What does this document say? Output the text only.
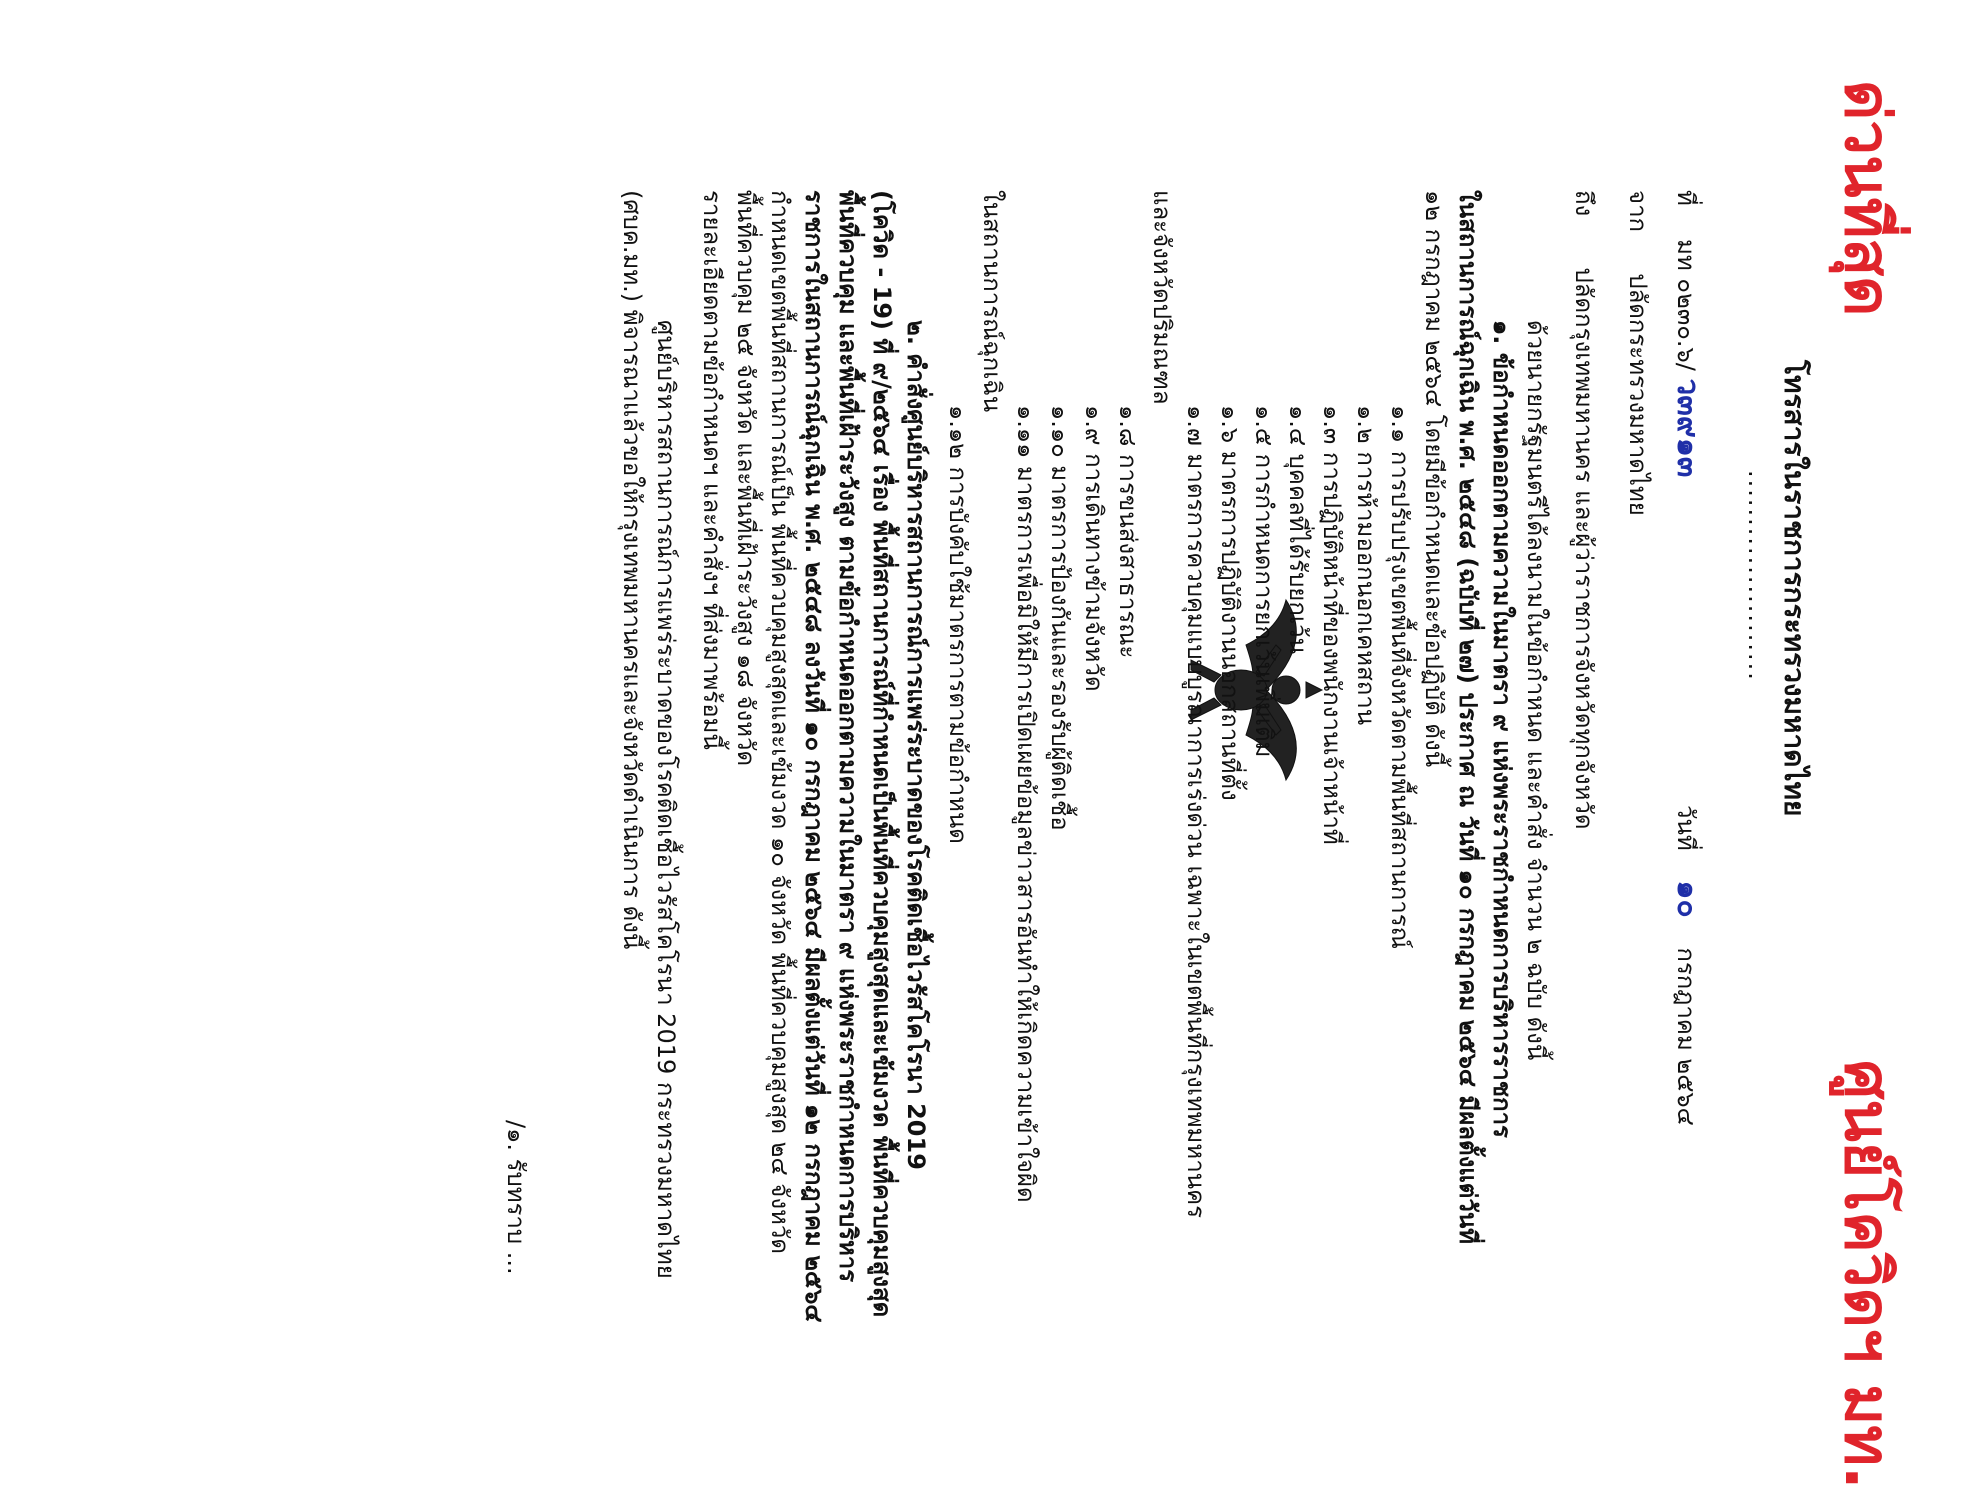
ด่วนที่สุด
ศูนย์โควิดฯ มท.
โทรสารในราชการกระทรวงมหาดไทย
......................
ที่  มท ๐๒๓๐.๖/ ว๓๙๑๓
วันที่ ๑๐ กรกฎาคม ๒๕๖๔
จาก  ปลัดกระทรวงมหาดไทย
ถึง  ปลัดกรุงเทพมหานคร และผู้ว่าราชการจังหวัดทุกจังหวัด
ด้วยนายกรัฐมนตรีได้ลงนามในข้อกำหนด และคำสั่ง จำนวน ๒ ฉบับ ดังนี้
๑. ข้อกำหนดออกตามความในมาตรา ๙ แห่งพระราชกำหนดการบริหารราชการ
ในสถานการณ์ฉุกเฉิน พ.ศ. ๒๕๔๘ (ฉบับที่ ๒๗) ประกาศ ณ วันที่ ๑๐ กรกฎาคม ๒๕๖๔ มีผลตั้งแต่วันที่
๑๒ กรกฎาคม ๒๕๖๔ โดยมีข้อกำหนดและข้อปฏิบัติ ดังนี้
๑.๑ การปรับปรุงเขตพื้นที่จังหวัดตามพื้นที่สถานการณ์
๑.๒ การห้ามออกนอกเคหสถาน
๑.๓ การปฏิบัติหน้าที่ของพนักงานเจ้าหน้าที่
๑.๔ บุคคลที่ได้รับยกเว้น
๑.๕ การกำหนดการยกเว้นเพิ่มเติม
๑.๖ มาตรการปฏิบัติงานนอกสถานที่ตั้ง
๑.๗ มาตรการควบคุมแบบบูรณาการเร่งด่วน เฉพาะในเขตพื้นที่กรุงเทพมหานคร
และจังหวัดปริมณฑล
๑.๘ การขนส่งสาธารณะ
๑.๙ การเดินทางข้ามจังหวัด
๑.๑๐ มาตรการป้องกันและรองรับผู้ติดเชื้อ
๑.๑๑ มาตรการเพื่อมิให้มีการเปิดเผยข้อมูลข่าวสารอันทำให้เกิดความเข้าใจผิด
ในสถานการณ์ฉุกเฉิน
๑.๑๒ การบังคับใช้มาตรการตามข้อกำหนด
๒. คำสั่งศูนย์บริหารสถานการณ์การแพร่ระบาดของโรคติดเชื้อไวรัสโคโรนา 2019
(โควิด - 19) ที่ ๙/๒๕๖๔ เรื่อง พื้นที่สถานการณ์ที่กำหนดเป็นพื้นที่ควบคุมสูงสุดและเข้มงวด พื้นที่ควบคุมสูงสุด
พื้นที่ควบคุม และพื้นที่เฝ้าระวังสูง ตามข้อกำหนดออกตามความในมาตรา ๙ แห่งพระราชกำหนดการบริหาร
ราชการในสถานการณ์ฉุกเฉิน พ.ศ. ๒๕๔๘ ลงวันที่ ๑๐ กรกฎาคม ๒๕๖๔ มีผลตั้งแต่วันที่ ๑๒ กรกฎาคม ๒๕๖๔
กำหนดเขตพื้นที่สถานการณ์เป็น พื้นที่ควบคุมสูงสุดและเข้มงวด ๑๐ จังหวัด พื้นที่ควบคุมสูงสุด ๒๔ จังหวัด
พื้นที่ควบคุม ๒๕ จังหวัด และพื้นที่เฝ้าระวังสูง ๑๘ จังหวัด
รายละเอียดตามข้อกำหนดฯ และคำสั่งฯ ที่ส่งมาพร้อมนี้
ศูนย์บริหารสถานการณ์การแพร่ระบาดของโรคติดเชื้อไวรัสโคโรนา 2019 กระทรวงมหาดไทย
(ศบค.มท.) พิจารณาแล้วขอให้กรุงเทพมหานครและจังหวัดดำเนินการ ดังนี้
/๑. รับทราบ ...
